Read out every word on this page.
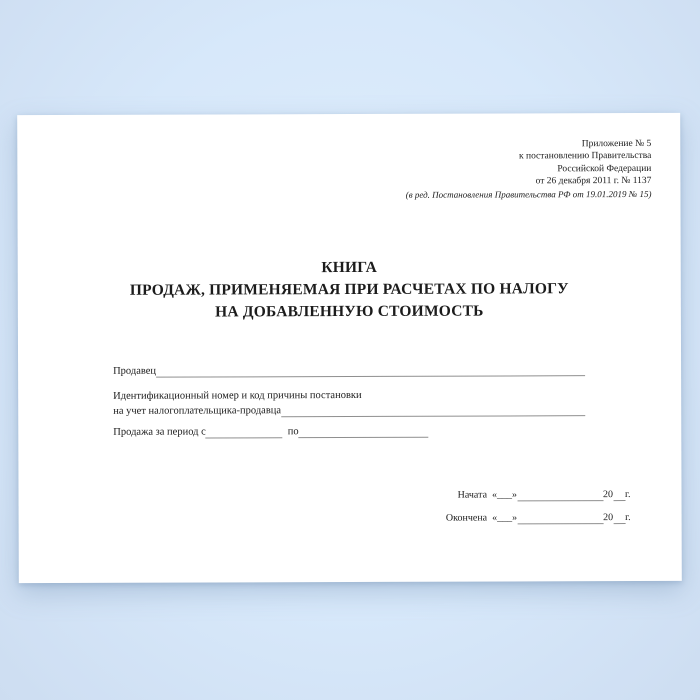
Приложение № 5
к постановлению Правительства
Российской Федерации
от 26 декабря 2011 г. № 1137
(в ред. Постановления Правительства РФ от 19.01.2019 № 15)
КНИГА
ПРОДАЖ, ПРИМЕНЯЕМАЯ ПРИ РАСЧЕТАХ ПО НАЛОГУ
НА ДОБАВЛЕННУЮ СТОИМОСТЬ
Продавец
Идентификационный номер и код причины постановки
на учет налогоплательщика-продавца
Продажа за период с	по
Начата «___»	20 г.
Окончена «___»	20 г.
